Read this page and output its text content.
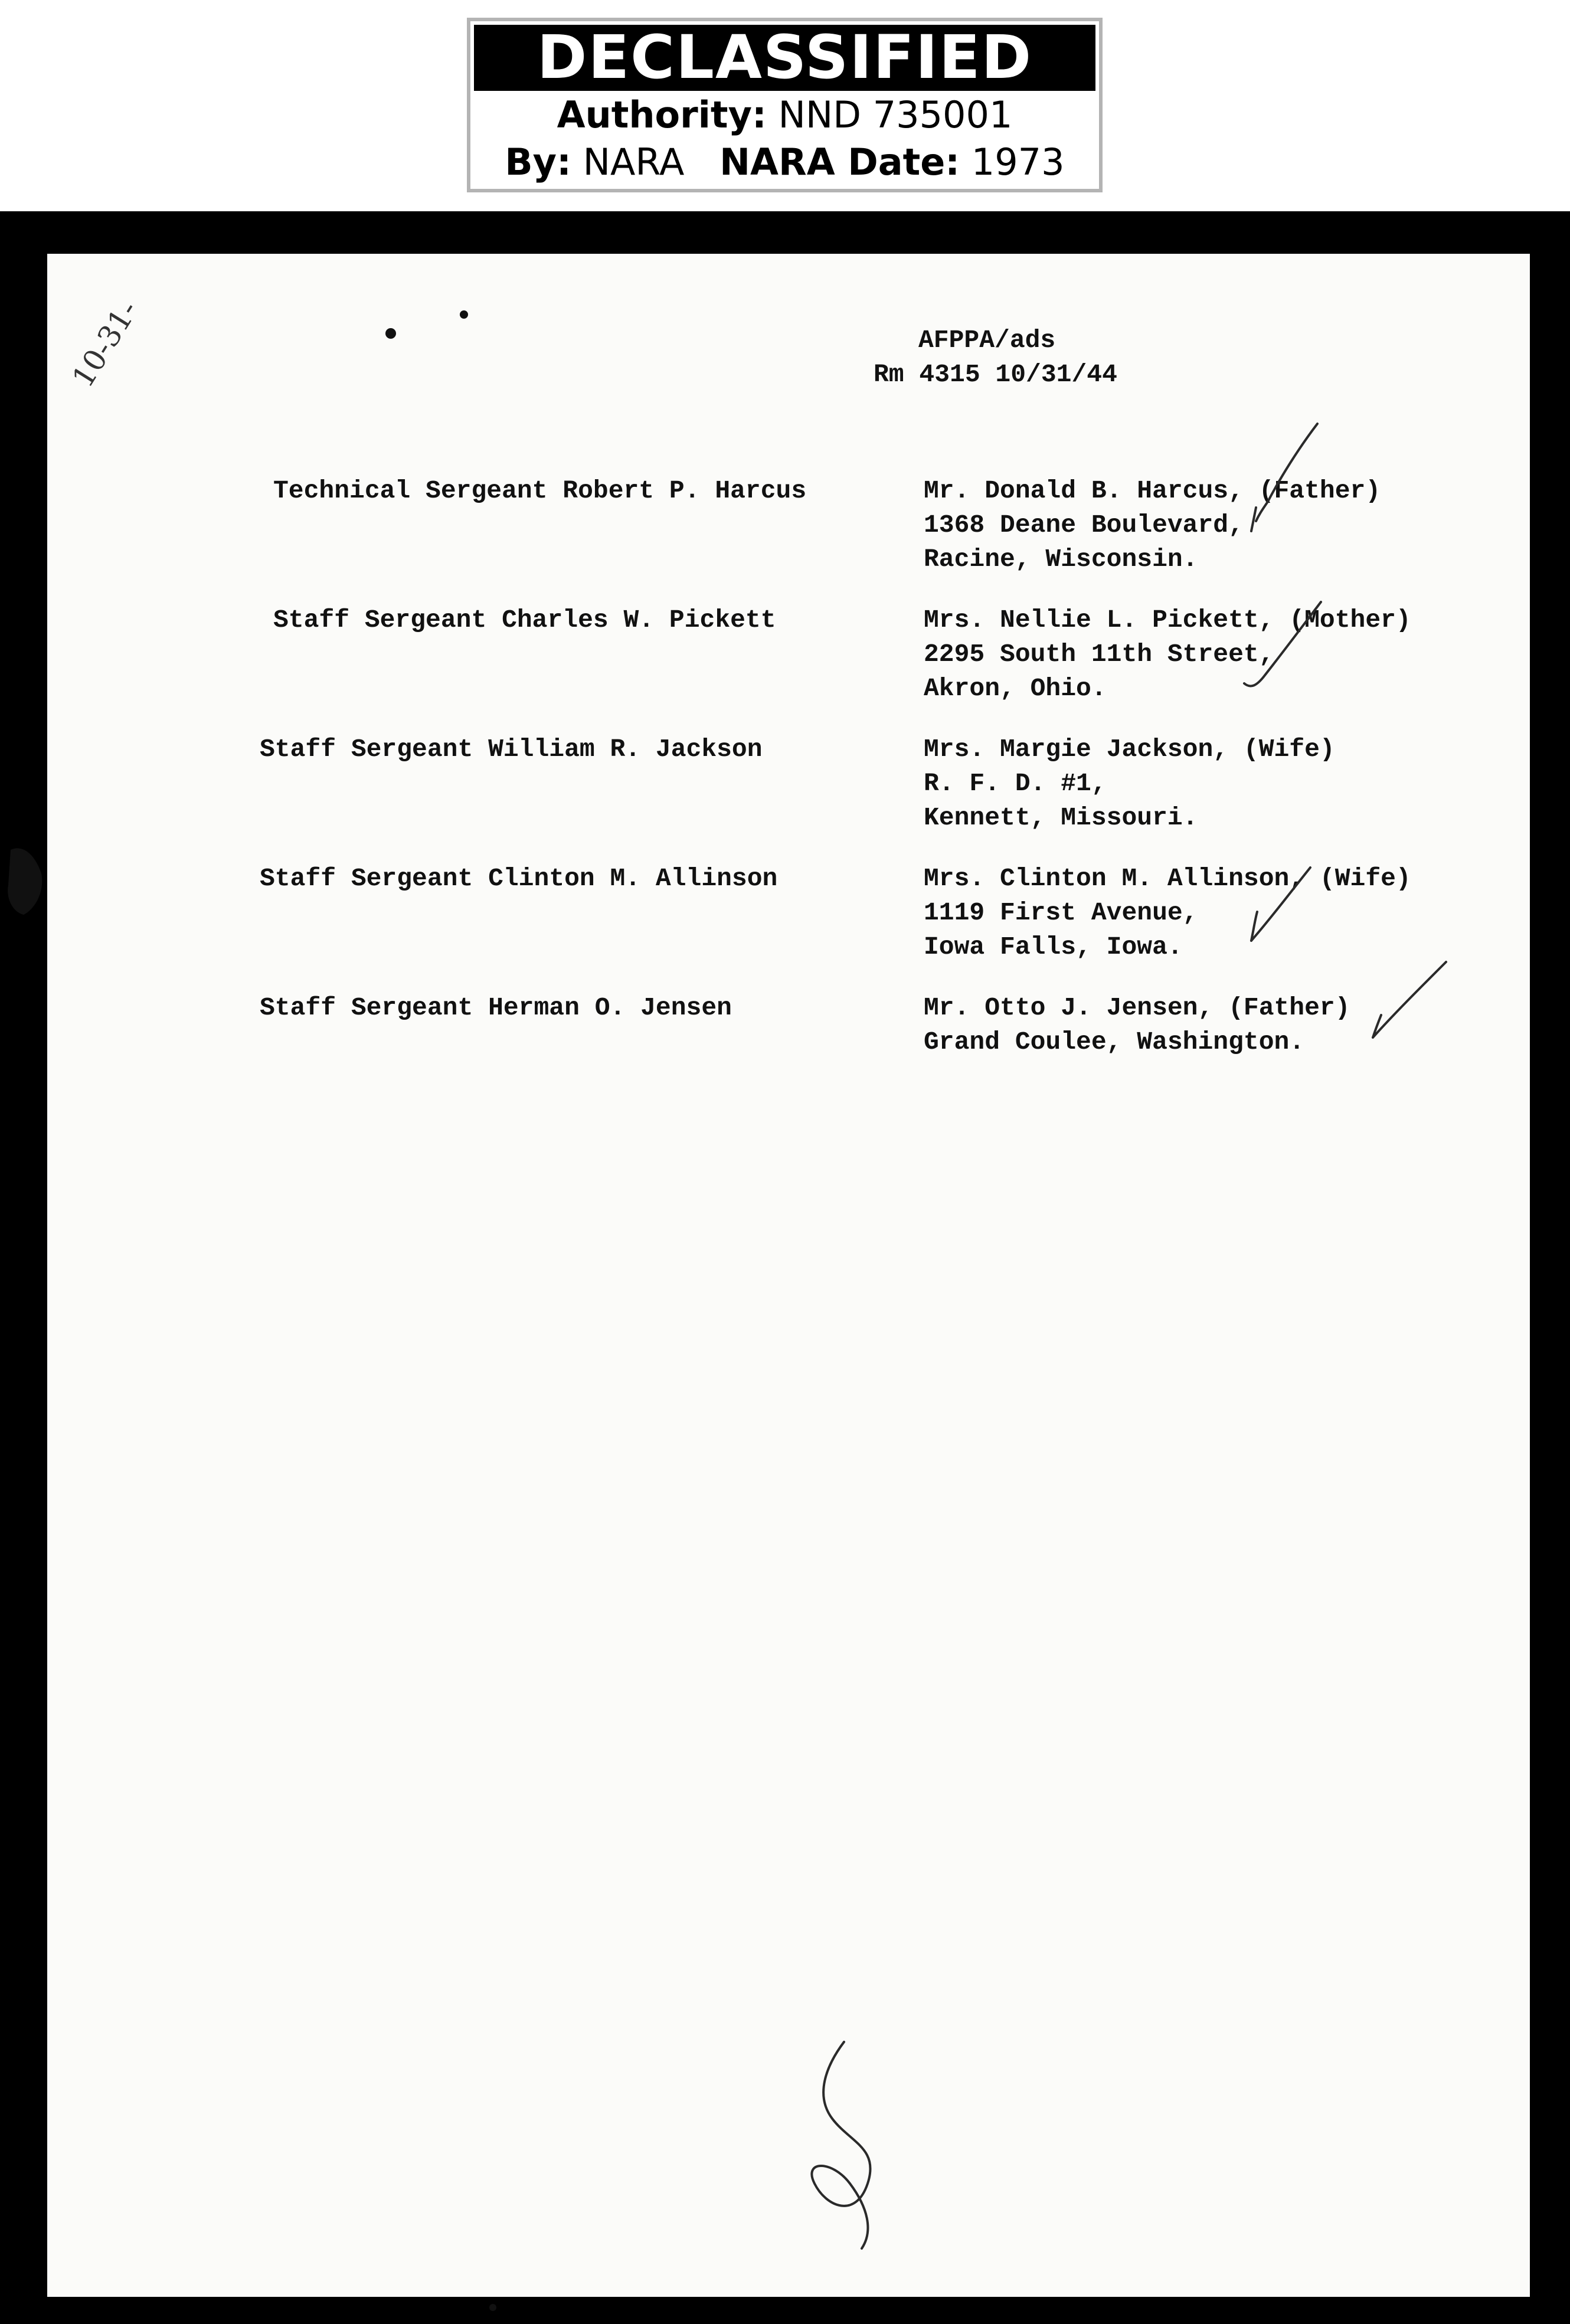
DECLASSIFIED
Authority: NND 735001
By: NARA NARA Date: 1973
AFPPA/ads
Rm 4315 10/31/44
Technical Sergeant Robert P. Harcus	Mr. Donald B. Harcus, (Father)
1368 Deane Boulevard,
Racine, Wisconsin.
Staff Sergeant Charles W. Pickett	Mrs. Nellie L. Pickett, (Mother)
2295 South 11th Street,
Akron, Ohio.
Staff Sergeant William R. Jackson	Mrs. Margie Jackson, (Wife)
R. F. D. #1,
Kennett, Missouri.
Staff Sergeant Clinton M. Allinson	Mrs. Clinton M. Allinson, (Wife)
1119 First Avenue,
Iowa Falls, Iowa.
Staff Sergeant Herman O. Jensen	Mr. Otto J. Jensen, (Father)
Grand Coulee, Washington.
10-31-
